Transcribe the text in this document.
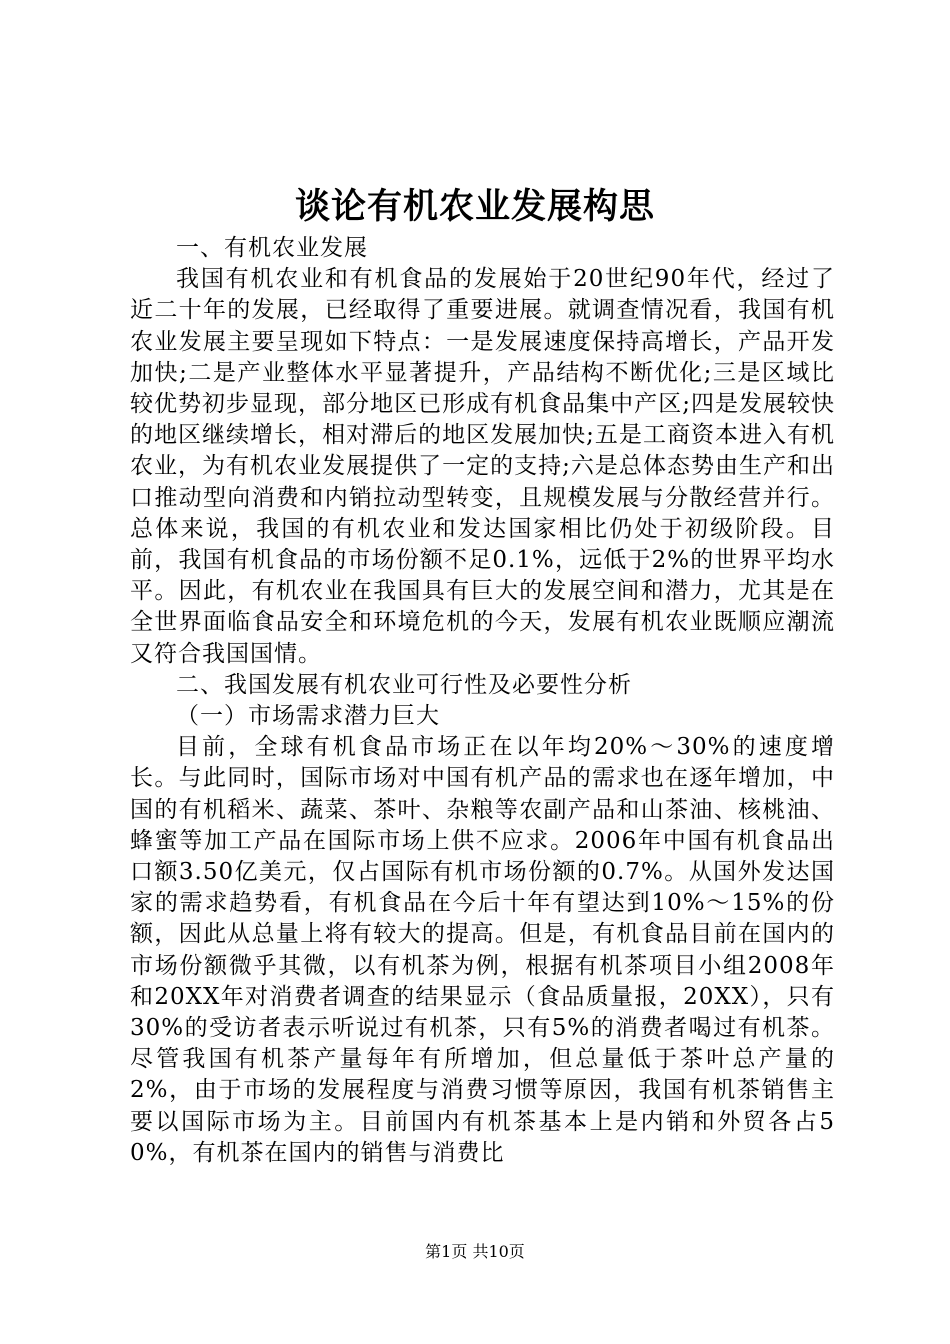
谈论有机农业发展构思

一、有机农业发展

我国有机农业和有机食品的发展始于20世纪90年代，经过了近二十年的发展，已经取得了重要进展。就调查情况看，我国有机农业发展主要呈现如下特点：一是发展速度保持高增长，产品开发加快;二是产业整体水平显著提升，产品结构不断优化;三是区域比较优势初步显现，部分地区已形成有机食品集中产区;四是发展较快的地区继续增长，相对滞后的地区发展加快;五是工商资本进入有机农业，为有机农业发展提供了一定的支持;六是总体态势由生产和出口推动型向消费和内销拉动型转变，且规模发展与分散经营并行。总体来说，我国的有机农业和发达国家相比仍处于初级阶段。目前，我国有机食品的市场份额不足0.1%，远低于2%的世界平均水平。因此，有机农业在我国具有巨大的发展空间和潜力，尤其是在全世界面临食品安全和环境危机的今天，发展有机农业既顺应潮流又符合我国国情。

二、我国发展有机农业可行性及必要性分析

（一）市场需求潜力巨大

目前，全球有机食品市场正在以年均20%～30%的速度增长。与此同时，国际市场对中国有机产品的需求也在逐年增加，中国的有机稻米、蔬菜、茶叶、杂粮等农副产品和山茶油、核桃油、蜂蜜等加工产品在国际市场上供不应求。2006年中国有机食品出口额3.50亿美元，仅占国际有机市场份额的0.7%。从国外发达国家的需求趋势看，有机食品在今后十年有望达到10%～15%的份额，因此从总量上将有较大的提高。但是，有机食品目前在国内的市场份额微乎其微，以有机茶为例，根据有机茶项目小组2008年和20XX年对消费者调查的结果显示（食品质量报，20XX），只有30%的受访者表示听说过有机茶，只有5%的消费者喝过有机茶。尽管我国有机茶产量每年有所增加，但总量低于茶叶总产量的2%，由于市场的发展程度与消费习惯等原因，我国有机茶销售主要以国际市场为主。目前国内有机茶基本上是内销和外贸各占50%，有机茶在国内的销售与消费比

第1页 共10页
